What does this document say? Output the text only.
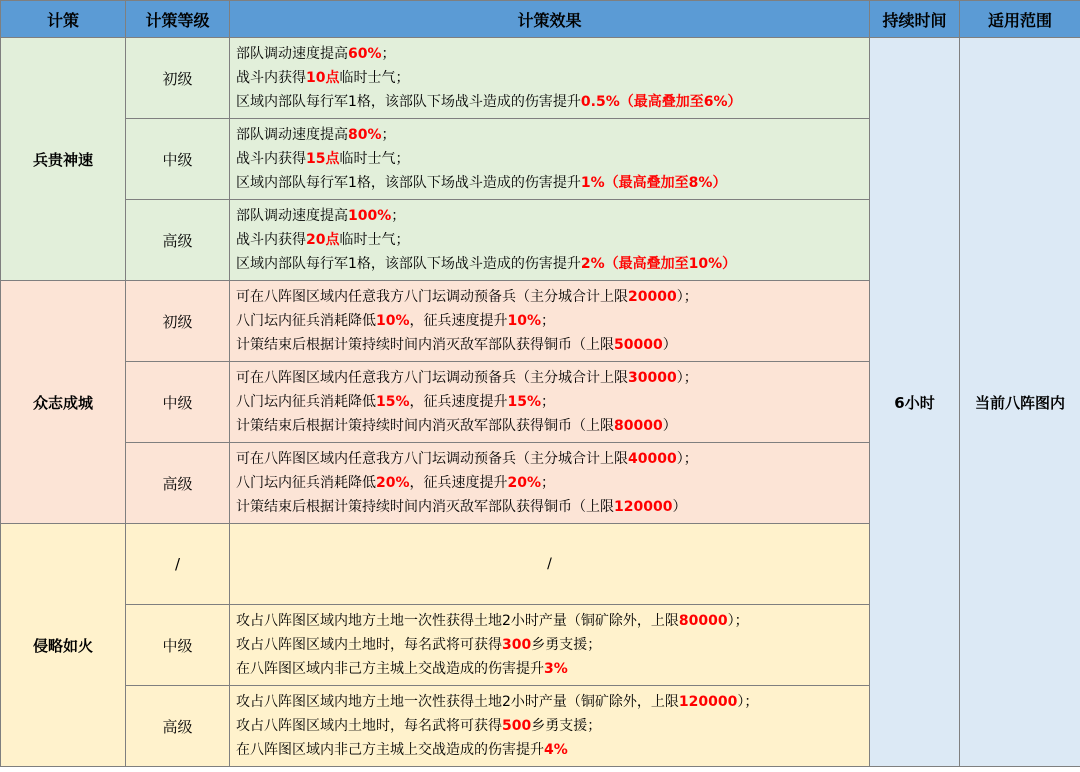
计策	计策等级	计策效果	持续时间	适用范围
兵贵神速	初级	部队调动速度提高60%；
战斗内获得10点临时士气；
区域内部队每行军1格，该部队下场战斗造成的伤害提升0.5%（最高叠加至6%）	6小时	当前八阵图内
	中级	部队调动速度提高80%；
战斗内获得15点临时士气；
区域内部队每行军1格，该部队下场战斗造成的伤害提升1%（最高叠加至8%）		

	高级	部队调动速度提高100%；
战斗内获得20点临时士气；
区域内部队每行军1格，该部队下场战斗造成的伤害提升2%（最高叠加至10%）		

众志成城	初级	可在八阵图区域内任意我方八门坛调动预备兵（主分城合计上限20000）；
八门坛内征兵消耗降低10%，征兵速度提升10%；
计策结束后根据计策持续时间内消灭敌军部队获得铜币（上限50000）		

	中级	可在八阵图区域内任意我方八门坛调动预备兵（主分城合计上限30000）；
八门坛内征兵消耗降低15%，征兵速度提升15%；
计策结束后根据计策持续时间内消灭敌军部队获得铜币（上限80000）		

	高级	可在八阵图区域内任意我方八门坛调动预备兵（主分城合计上限40000）；
八门坛内征兵消耗降低20%，征兵速度提升20%；
计策结束后根据计策持续时间内消灭敌军部队获得铜币（上限120000）		

侵略如火	/	/		

	中级	攻占八阵图区域内地方土地一次性获得土地2小时产量（铜矿除外，上限80000）；
攻占八阵图区域内土地时，每名武将可获得300乡勇支援；
在八阵图区域内非己方主城上交战造成的伤害提升3%		

	高级	攻占八阵图区域内地方土地一次性获得土地2小时产量（铜矿除外，上限120000）；
攻占八阵图区域内土地时，每名武将可获得500乡勇支援；
在八阵图区域内非己方主城上交战造成的伤害提升4%		
